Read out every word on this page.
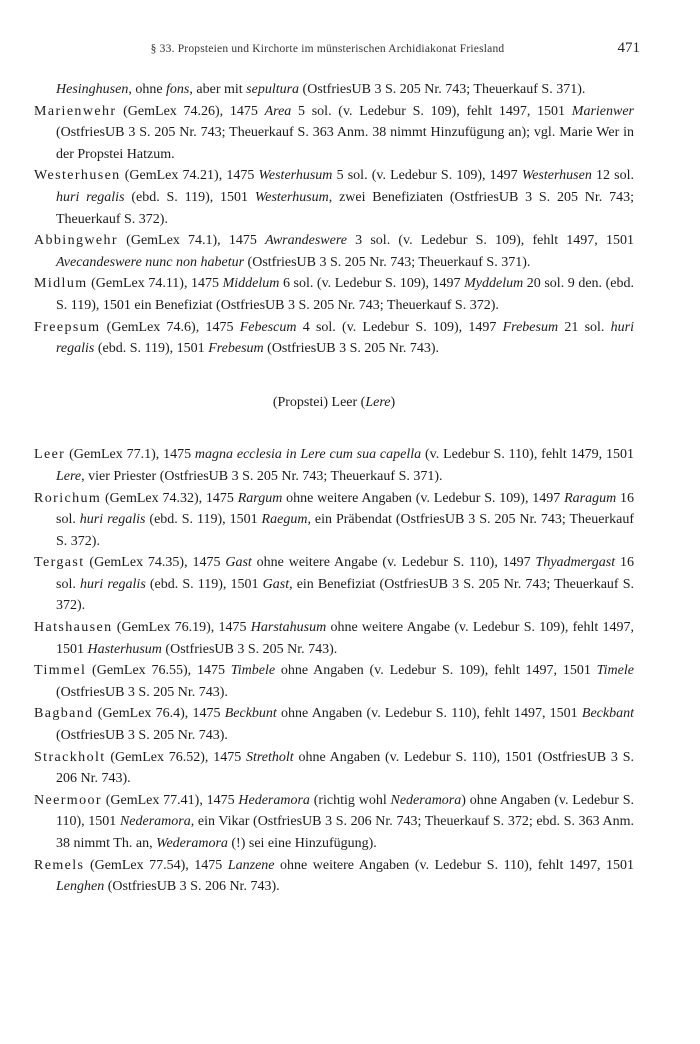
§ 33. Propsteien und Kirchorte im münsterischen Archidiakonat Friesland	471

Hesinghusen, ohne fons, aber mit sepultura (OstfriesUB 3 S. 205 Nr. 743; Theuerkauf S. 371).

Marienwehr (GemLex 74.26), 1475 Area 5 sol. (v. Ledebur S. 109), fehlt 1497, 1501 Marienwer (OstfriesUB 3 S. 205 Nr. 743; Theuerkauf S. 363 Anm. 38 nimmt Hinzufügung an); vgl. Marie Wer in der Propstei Hatzum.

Westerhusen (GemLex 74.21), 1475 Westerhusum 5 sol. (v. Ledebur S. 109), 1497 Westerhusen 12 sol. huri regalis (ebd. S. 119), 1501 Westerhusum, zwei Benefiziaten (OstfriesUB 3 S. 205 Nr. 743; Theuerkauf S. 372).

Abbingwehr (GemLex 74.1), 1475 Awrandeswere 3 sol. (v. Ledebur S. 109), fehlt 1497, 1501 Avecandeswere nunc non habetur (OstfriesUB 3 S. 205 Nr. 743; Theuerkauf S. 371).

Midlum (GemLex 74.11), 1475 Middelum 6 sol. (v. Ledebur S. 109), 1497 Myddelum 20 sol. 9 den. (ebd. S. 119), 1501 ein Benefiziat (OstfriesUB 3 S. 205 Nr. 743; Theuerkauf S. 372).

Freepsum (GemLex 74.6), 1475 Febescum 4 sol. (v. Ledebur S. 109), 1497 Frebesum 21 sol. huri regalis (ebd. S. 119), 1501 Frebesum (OstfriesUB 3 S. 205 Nr. 743).

(Propstei) Leer (Lere)

Leer (GemLex 77.1), 1475 magna ecclesia in Lere cum sua capella (v. Ledebur S. 110), fehlt 1479, 1501 Lere, vier Priester (OstfriesUB 3 S. 205 Nr. 743; Theuerkauf S. 371).

Rorichum (GemLex 74.32), 1475 Rargum ohne weitere Angaben (v. Ledebur S. 109), 1497 Raragum 16 sol. huri regalis (ebd. S. 119), 1501 Raegum, ein Präbendat (OstfriesUB 3 S. 205 Nr. 743; Theuerkauf S. 372).

Tergast (GemLex 74.35), 1475 Gast ohne weitere Angabe (v. Ledebur S. 110), 1497 Thyadmergast 16 sol. huri regalis (ebd. S. 119), 1501 Gast, ein Benefiziat (OstfriesUB 3 S. 205 Nr. 743; Theuerkauf S. 372).

Hatshausen (GemLex 76.19), 1475 Harstahusum ohne weitere Angabe (v. Ledebur S. 109), fehlt 1497, 1501 Hasterhusum (OstfriesUB 3 S. 205 Nr. 743).

Timmel (GemLex 76.55), 1475 Timbele ohne Angaben (v. Ledebur S. 109), fehlt 1497, 1501 Timele (OstfriesUB 3 S. 205 Nr. 743).

Bagband (GemLex 76.4), 1475 Beckbunt ohne Angaben (v. Ledebur S. 110), fehlt 1497, 1501 Beckbant (OstfriesUB 3 S. 205 Nr. 743).

Strackholt (GemLex 76.52), 1475 Stretholt ohne Angaben (v. Ledebur S. 110), 1501 (OstfriesUB 3 S. 206 Nr. 743).

Neermoor (GemLex 77.41), 1475 Hederamora (richtig wohl Nederamora) ohne Angaben (v. Ledebur S. 110), 1501 Nederamora, ein Vikar (OstfriesUB 3 S. 206 Nr. 743; Theuerkauf S. 372; ebd. S. 363 Anm. 38 nimmt Th. an, Wederamora (!) sei eine Hinzufügung).

Remels (GemLex 77.54), 1475 Lanzene ohne weitere Angaben (v. Ledebur S. 110), fehlt 1497, 1501 Lenghen (OstfriesUB 3 S. 206 Nr. 743).
